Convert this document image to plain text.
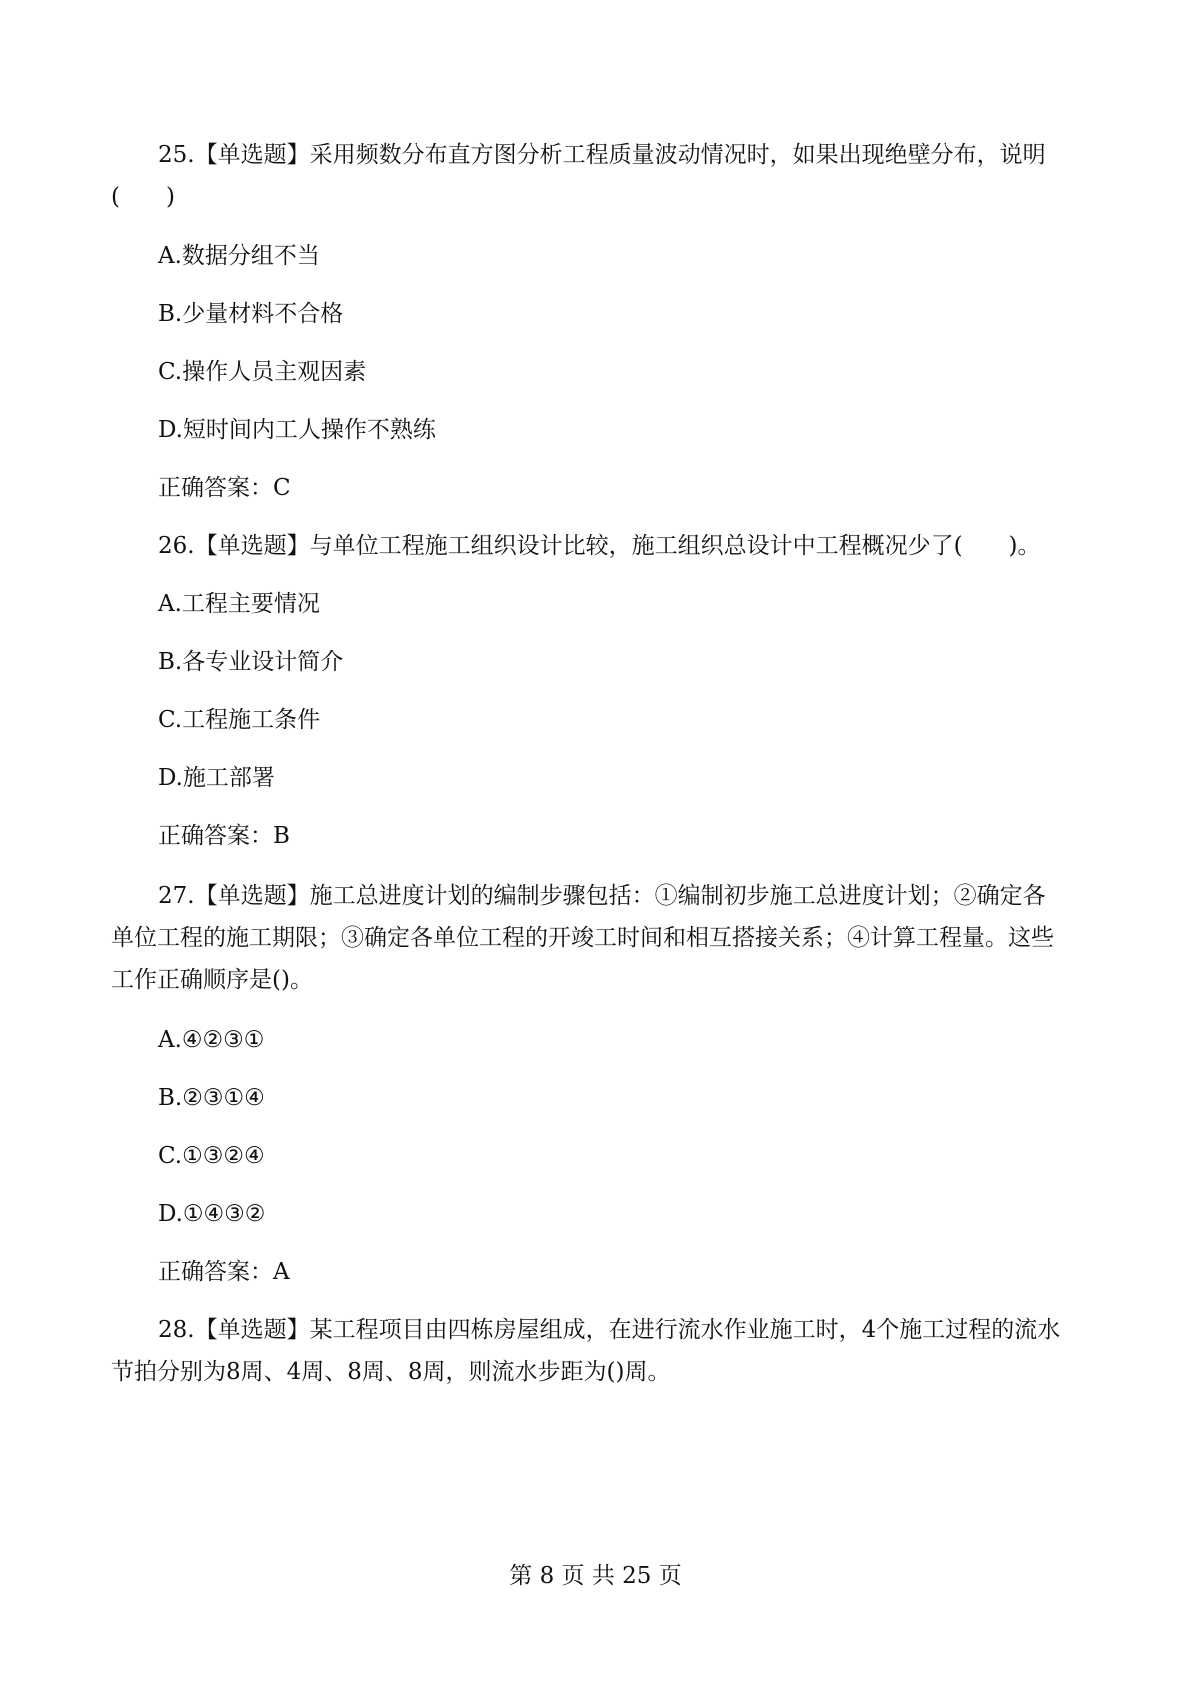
25.【单选题】采用频数分布直方图分析工程质量波动情况时，如果出现绝壁分布，说明
(　　)
A.数据分组不当
B.少量材料不合格
C.操作人员主观因素
D.短时间内工人操作不熟练
正确答案：C
26.【单选题】与单位工程施工组织设计比较，施工组织总设计中工程概况少了(　　)。
A.工程主要情况
B.各专业设计简介
C.工程施工条件
D.施工部署
正确答案：B
27.【单选题】施工总进度计划的编制步骤包括：①编制初步施工总进度计划；②确定各
单位工程的施工期限；③确定各单位工程的开竣工时间和相互搭接关系；④计算工程量。这些
工作正确顺序是()。
A.④②③①
B.②③①④
C.①③②④
D.①④③②
正确答案：A
28.【单选题】某工程项目由四栋房屋组成，在进行流水作业施工时，4个施工过程的流水
节拍分别为8周、4周、8周、8周，则流水步距为()周。
第 8 页 共 25 页
